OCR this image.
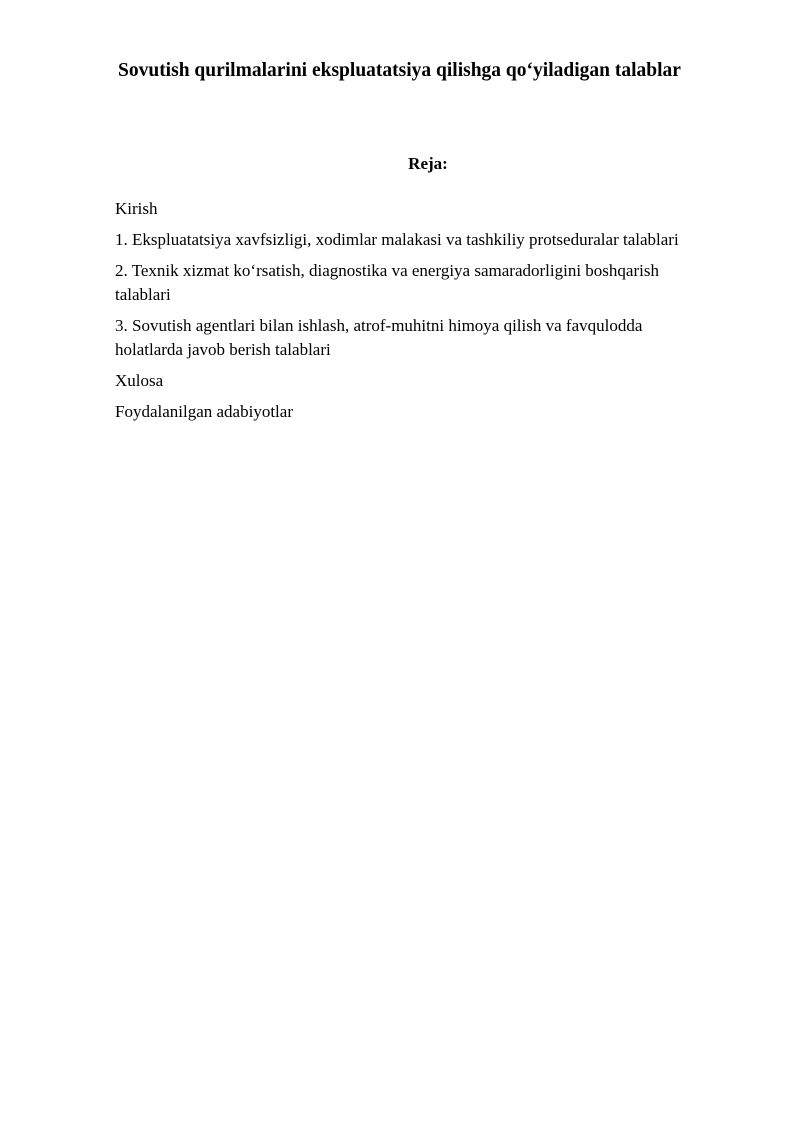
Sovutish qurilmalarini ekspluatatsiya qilishga qo‘yiladigan talablar
Reja:
Kirish
1. Ekspluatatsiya xavfsizligi, xodimlar malakasi va tashkiliy protseduralar talablari
2. Texnik xizmat ko‘rsatish, diagnostika va energiya samaradorligini boshqarish
talablari
3. Sovutish agentlari bilan ishlash, atrof-muhitni himoya qilish va favqulodda
holatlarda javob berish talablari
Xulosa
Foydalanilgan adabiyotlar
